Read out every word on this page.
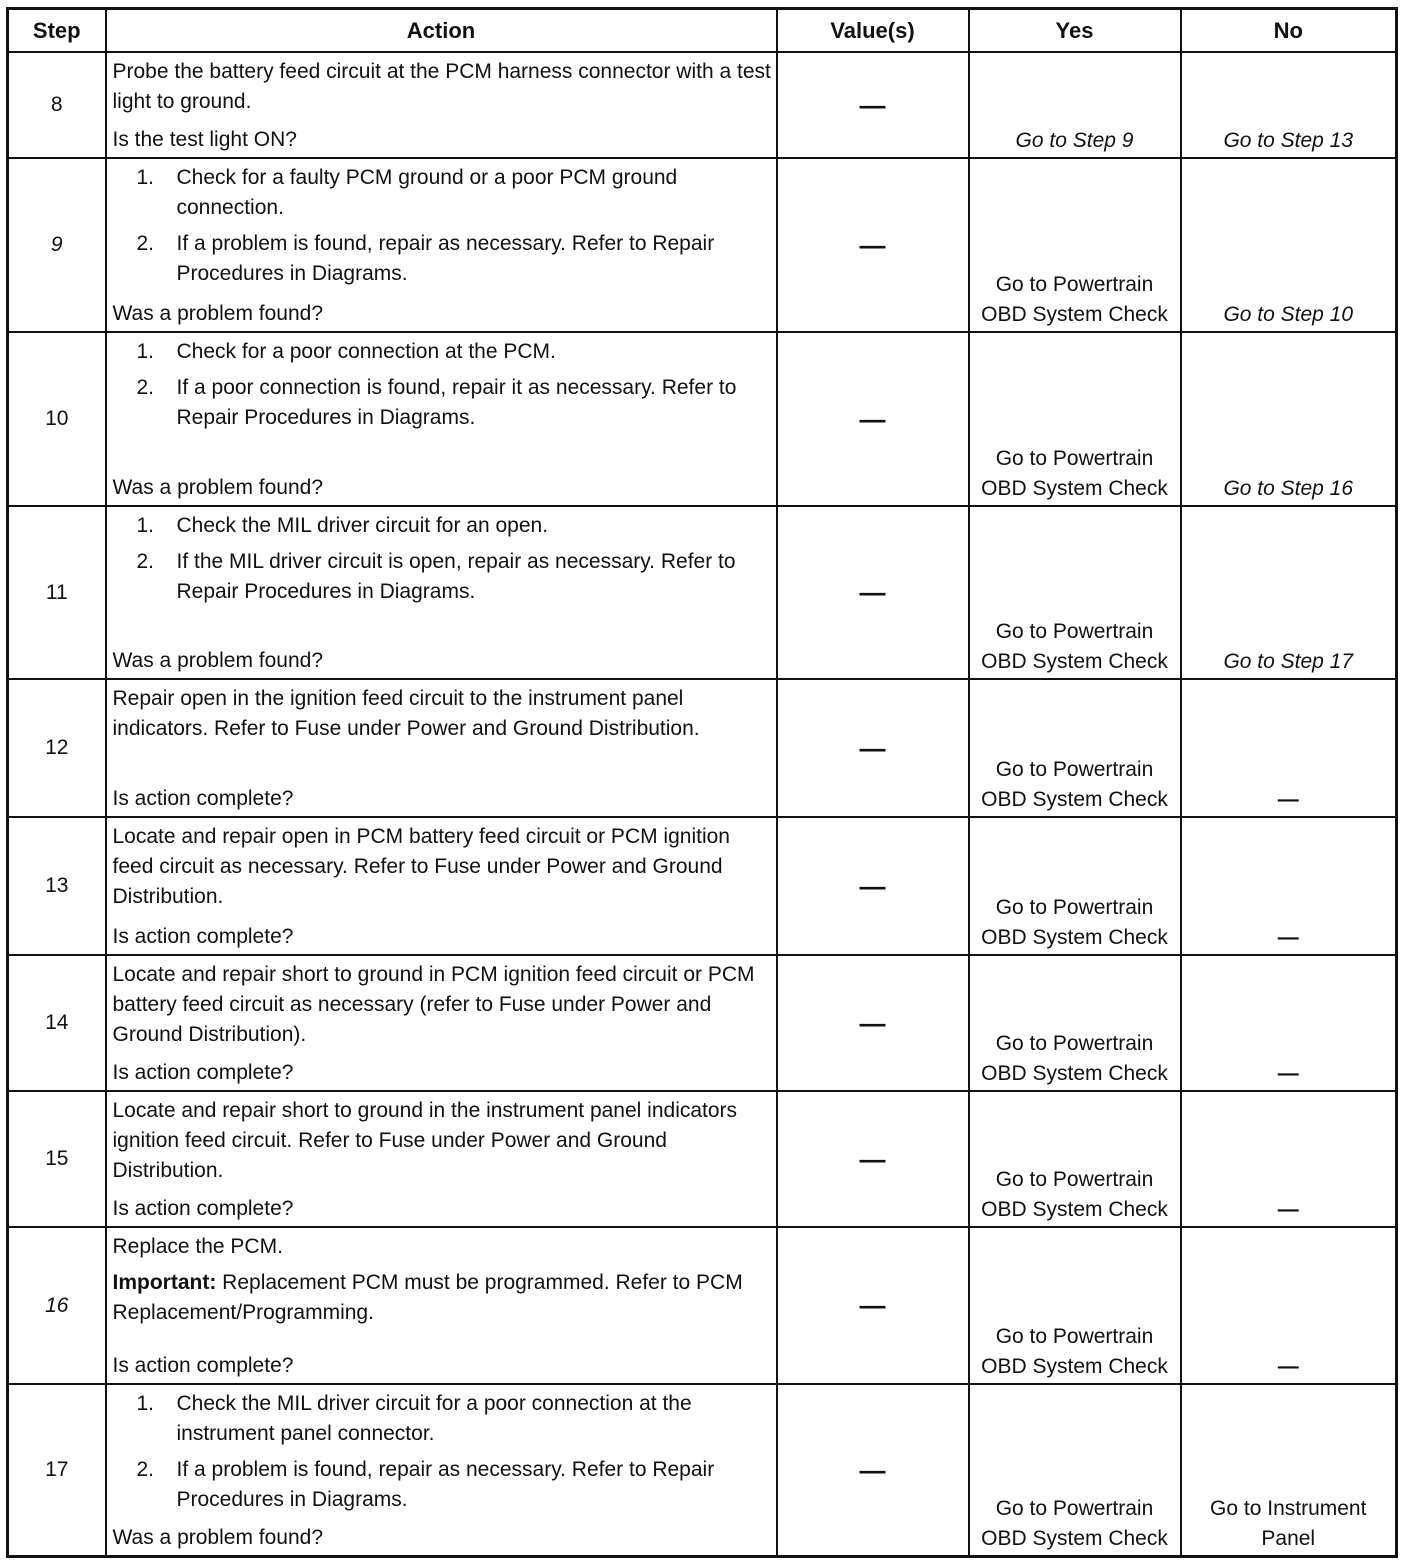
Step	Action	Value(s)	Yes	No
8	Probe the battery feed circuit at the PCM harness connector with a test light to ground.
Is the test light ON?	—	Go to Step 9	Go to Step 13
9	1. Check for a faulty PCM ground or a poor PCM ground connection.
2. If a problem is found, repair as necessary. Refer to Repair Procedures in Diagrams.
Was a problem found?	—	Go to Powertrain OBD System Check	Go to Step 10
10	1. Check for a poor connection at the PCM.
2. If a poor connection is found, repair it as necessary. Refer to Repair Procedures in Diagrams.
Was a problem found?	—	Go to Powertrain OBD System Check	Go to Step 16
11	1. Check the MIL driver circuit for an open.
2. If the MIL driver circuit is open, repair as necessary. Refer to Repair Procedures in Diagrams.
Was a problem found?	—	Go to Powertrain OBD System Check	Go to Step 17
12	Repair open in the ignition feed circuit to the instrument panel indicators. Refer to Fuse under Power and Ground Distribution.
Is action complete?	—	Go to Powertrain OBD System Check	—
13	Locate and repair open in PCM battery feed circuit or PCM ignition feed circuit as necessary. Refer to Fuse under Power and Ground Distribution.
Is action complete?	—	Go to Powertrain OBD System Check	—
14	Locate and repair short to ground in PCM ignition feed circuit or PCM battery feed circuit as necessary (refer to Fuse under Power and Ground Distribution).
Is action complete?	—	Go to Powertrain OBD System Check	—
15	Locate and repair short to ground in the instrument panel indicators ignition feed circuit. Refer to Fuse under Power and Ground Distribution.
Is action complete?	—	Go to Powertrain OBD System Check	—
16	Replace the PCM.
Important: Replacement PCM must be programmed. Refer to PCM Replacement/Programming.
Is action complete?	—	Go to Powertrain OBD System Check	—
17	1. Check the MIL driver circuit for a poor connection at the instrument panel connector.
2. If a problem is found, repair as necessary. Refer to Repair Procedures in Diagrams.
Was a problem found?	—	Go to Powertrain OBD System Check	Go to Instrument Panel
